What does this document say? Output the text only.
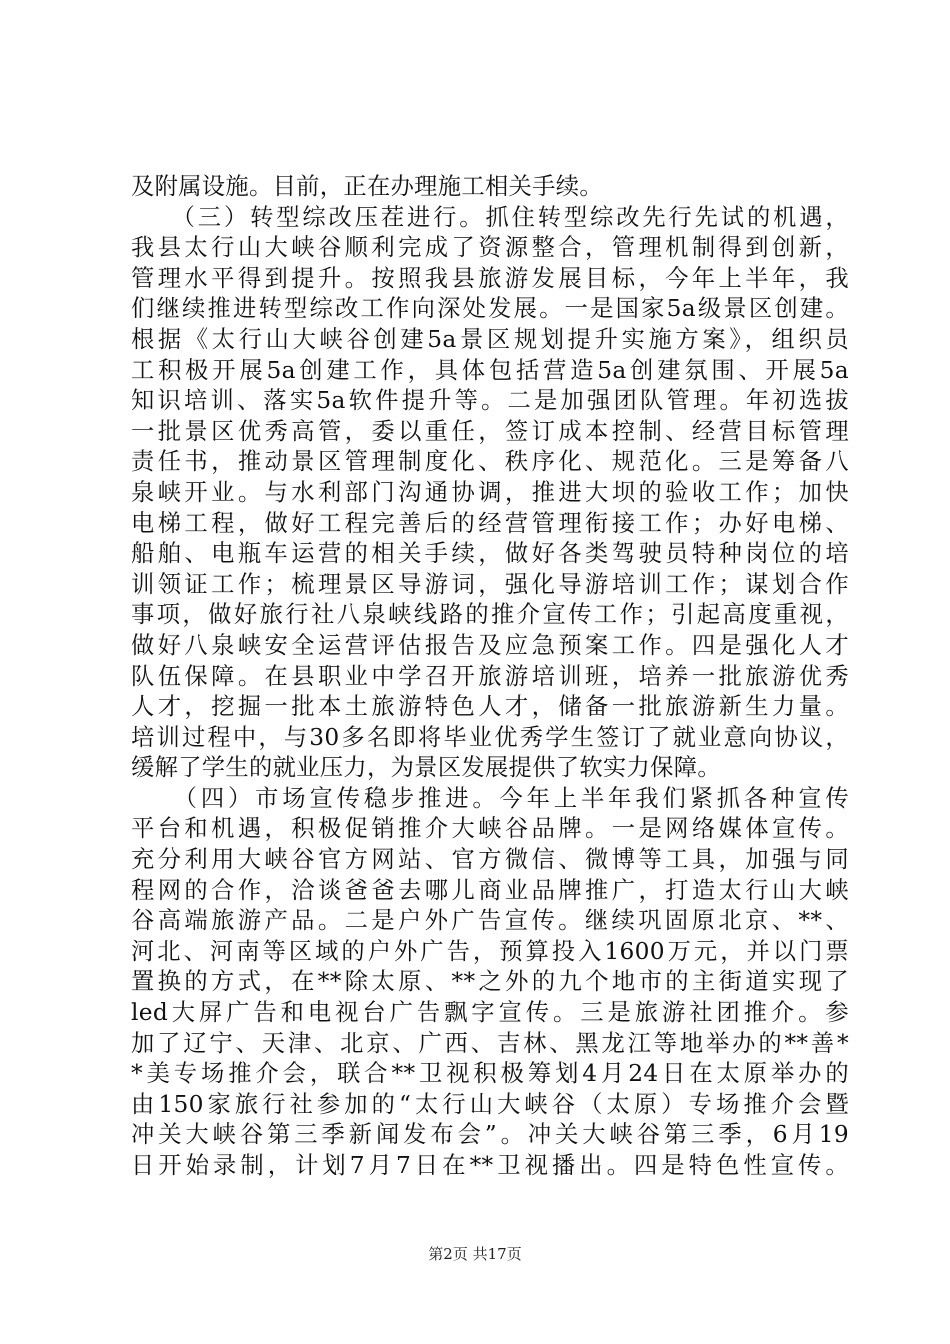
及附属设施。目前，正在办理施工相关手续。
　　（三）转型综改压茬进行。抓住转型综改先行先试的机遇，
我县太行山大峡谷顺利完成了资源整合，管理机制得到创新，
管理水平得到提升。按照我县旅游发展目标，今年上半年，我
们继续推进转型综改工作向深处发展。一是国家5a级景区创建。
根据《太行山大峡谷创建5a景区规划提升实施方案》，组织员
工积极开展5a创建工作，具体包括营造5a创建氛围、开展5a
知识培训、落实5a软件提升等。二是加强团队管理。年初选拔
一批景区优秀高管，委以重任，签订成本控制、经营目标管理
责任书，推动景区管理制度化、秩序化、规范化。三是筹备八
泉峡开业。与水利部门沟通协调，推进大坝的验收工作；加快
电梯工程，做好工程完善后的经营管理衔接工作；办好电梯、
船舶、电瓶车运营的相关手续，做好各类驾驶员特种岗位的培
训领证工作；梳理景区导游词，强化导游培训工作；谋划合作
事项，做好旅行社八泉峡线路的推介宣传工作；引起高度重视，
做好八泉峡安全运营评估报告及应急预案工作。四是强化人才
队伍保障。在县职业中学召开旅游培训班，培养一批旅游优秀
人才，挖掘一批本土旅游特色人才，储备一批旅游新生力量。
培训过程中，与30多名即将毕业优秀学生签订了就业意向协议，
缓解了学生的就业压力，为景区发展提供了软实力保障。
　　（四）市场宣传稳步推进。今年上半年我们紧抓各种宣传
平台和机遇，积极促销推介大峡谷品牌。一是网络媒体宣传。
充分利用大峡谷官方网站、官方微信、微博等工具，加强与同
程网的合作，洽谈爸爸去哪儿商业品牌推广，打造太行山大峡
谷高端旅游产品。二是户外广告宣传。继续巩固原北京、**、
河北、河南等区域的户外广告，预算投入1600万元，并以门票
置换的方式，在**除太原、**之外的九个地市的主街道实现了
led大屏广告和电视台广告飘字宣传。三是旅游社团推介。参
加了辽宁、天津、北京、广西、吉林、黑龙江等地举办的**善*
*美专场推介会，联合**卫视积极筹划4月24日在太原举办的
由150家旅行社参加的“太行山大峡谷（太原）专场推介会暨
冲关大峡谷第三季新闻发布会”。冲关大峡谷第三季，6月19
日开始录制，计划7月7日在**卫视播出。四是特色性宣传。
第2页 共17页
